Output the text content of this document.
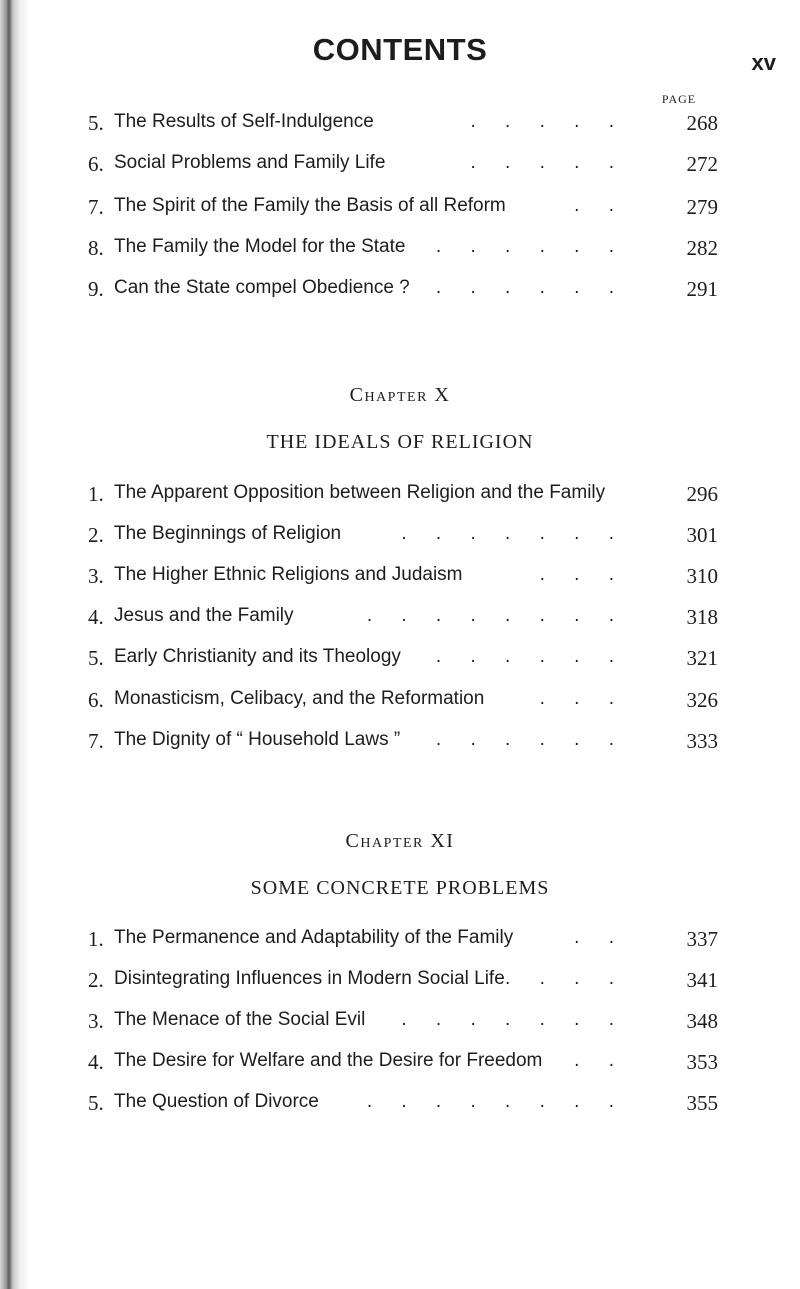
CONTENTS	xv
PAGE
5. The Results of Self-Indulgence	. . . . .	268
6. Social Problems and Family Life	. . . . .	272
7. The Spirit of the Family the Basis of all Reform	. .	279
8. The Family the Model for the State	. . . . . .	282
9. Can the State compel Obedience ?	. . . . . .	291
Chapter X
THE IDEALS OF RELIGION
1. The Apparent Opposition between Religion and the Family	296
2. The Beginnings of Religion	. . . . . . .	301
3. The Higher Ethnic Religions and Judaism	. . .	310
4. Jesus and the Family	. . . . . . . .	318
5. Early Christianity and its Theology	. . . . . .	321
6. Monasticism, Celibacy, and the Reformation	. . .	326
7. The Dignity of “ Household Laws ”	. . . . . .	333
Chapter XI
SOME CONCRETE PROBLEMS
1. The Permanence and Adaptability of the Family	. .	337
2. Disintegrating Influences in Modern Social Life . . . .	341
3. The Menace of the Social Evil	. . . . . . .	348
4. The Desire for Welfare and the Desire for Freedom	. .	353
5. The Question of Divorce	. . . . . . . .	355
